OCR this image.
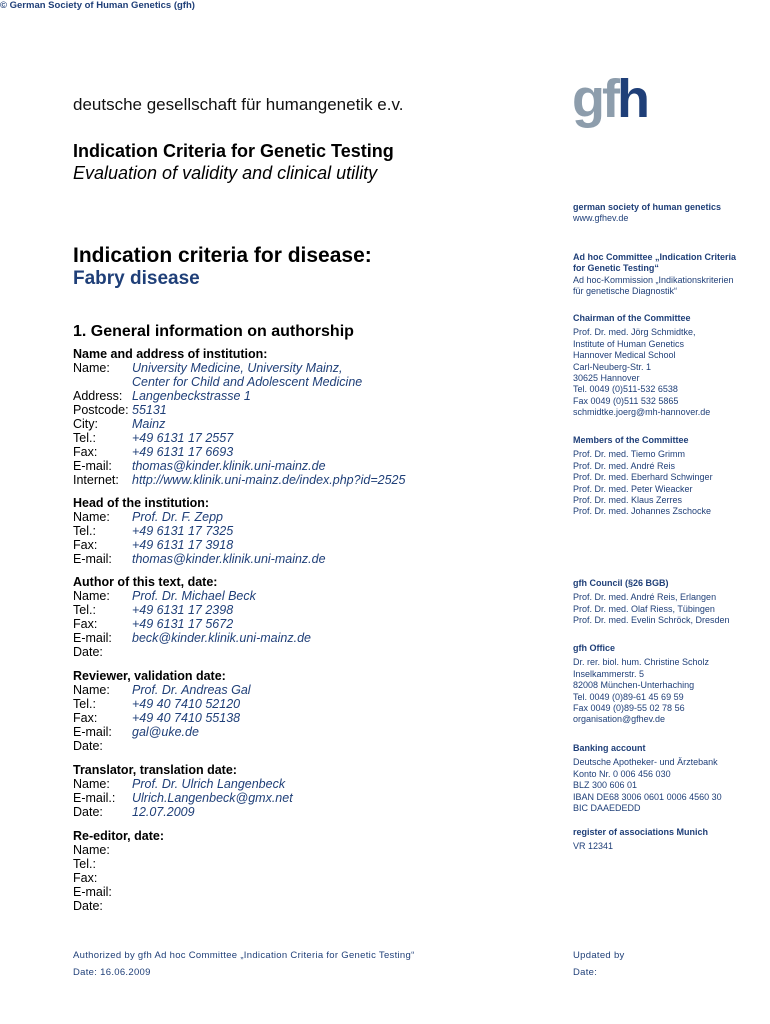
deutsche gesellschaft für humangenetik e.v.	gfh
Indication Criteria for Genetic Testing
Evaluation of validity and clinical utility
Indication criteria for disease:
Fabry disease
1. General information on authorship
Name and address of institution:
Name:	University Medicine, University Mainz,
Center for Child and Adolescent Medicine
Address: Langenbeckstrasse 1
Postcode: 55131
City:	Mainz
Tel.:	+49 6131 17 2557
Fax:	+49 6131 17 6693
E-mail:	thomas@kinder.klinik.uni-mainz.de
Internet:	http://www.klinik.uni-mainz.de/index.php?id=2525
Head of the institution:
Name:	Prof. Dr. F. Zepp
Tel.:	+49 6131 17 7325
Fax:	+49 6131 17 3918
E-mail:	thomas@kinder.klinik.uni-mainz.de
Author of this text, date:
Name:	Prof. Dr. Michael Beck
Tel.:	+49 6131 17 2398
Fax:	+49 6131 17 5672
E-mail:	beck@kinder.klinik.uni-mainz.de
Date:
Reviewer, validation date:
Name:	Prof. Dr. Andreas Gal
Tel.:	+49 40 7410 52120
Fax:	+49 40 7410 55138
E-mail:	gal@uke.de
Date:
Translator, translation date:
Name:	Prof. Dr. Ulrich Langenbeck
E-mail.:	Ulrich.Langenbeck@gmx.net
Date:	12.07.2009
Re-editor, date:
Name:
Tel.:
Fax:
E-mail:
Date:
german society of human genetics
www.gfhev.de
Ad hoc Committee „Indication Criteria
for Genetic Testing“
Ad hoc-Kommission „Indikationskriterien
für genetische Diagnostik“
Chairman of the Committee
Prof. Dr. med. Jörg Schmidtke,
Institute of Human Genetics
Hannover Medical School
Carl-Neuberg-Str. 1
30625 Hannover
Tel. 0049 (0)511-532 6538
Fax 0049 (0)511 532 5865
schmidtke.joerg@mh-hannover.de
Members of the Committee
Prof. Dr. med. Tiemo Grimm
Prof. Dr. med. André Reis
Prof. Dr. med. Eberhard Schwinger
Prof. Dr. med. Peter Wieacker
Prof. Dr. med. Klaus Zerres
Prof. Dr. med. Johannes Zschocke
gfh Council (§26 BGB)
Prof. Dr. med. André Reis, Erlangen
Prof. Dr. med. Olaf Riess, Tübingen
Prof. Dr. med. Evelin Schröck, Dresden
gfh Office
Dr. rer. biol. hum. Christine Scholz
Inselkammerstr. 5
82008 München-Unterhaching
Tel. 0049 (0)89-61 45 69 59
Fax 0049 (0)89-55 02 78 56
organisation@gfhev.de
Banking account
Deutsche Apotheker- und Ärztebank
Konto Nr. 0 006 456 030
BLZ 300 606 01
IBAN DE68 3006 0601 0006 4560 30
BIC DAAEDEDD
register of associations Munich
VR 12341
Authorized by gfh Ad hoc Committee „Indication Criteria for Genetic Testing“
Date: 16.06.2009
Updated by
Date:
© German Society of Human Genetics (gfh)
